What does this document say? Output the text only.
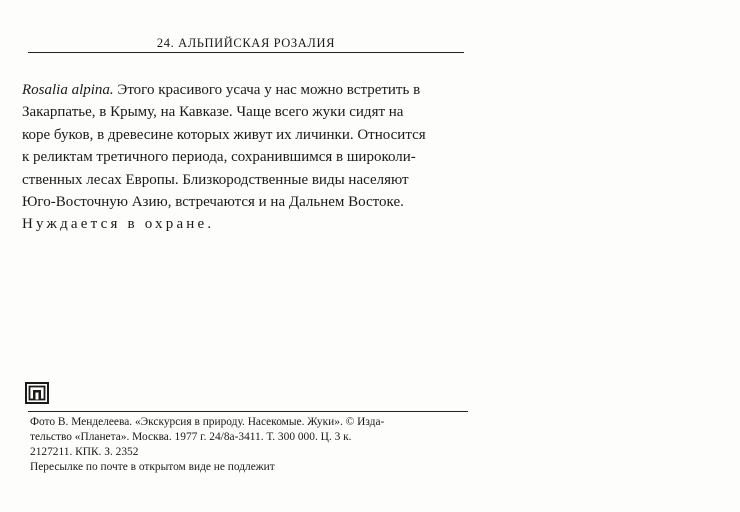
24. АЛЬПИЙСКАЯ РОЗАЛИЯ
Rosalia alpina. Этого красивого усача у нас можно встретить в
Закарпатье, в Крыму, на Кавказе. Чаще всего жуки сидят на
коре буков, в древесине которых живут их личинки. Относится
к реликтам третичного периода, сохранившимся в широколи-
ственных лесах Европы. Близкородственные виды населяют
Юго-Восточную Азию, встречаются и на Дальнем Востоке.
Нуждается в охране.
Фото В. Менделеева. «Экскурсия в природу. Насекомые. Жуки». © Изда-
тельство «Планета». Москва. 1977 г. 24/8а-3411. Т. 300 000. Ц. 3 к.
2127211. КПК. З. 2352
Пересылке по почте в открытом виде не подлежит
